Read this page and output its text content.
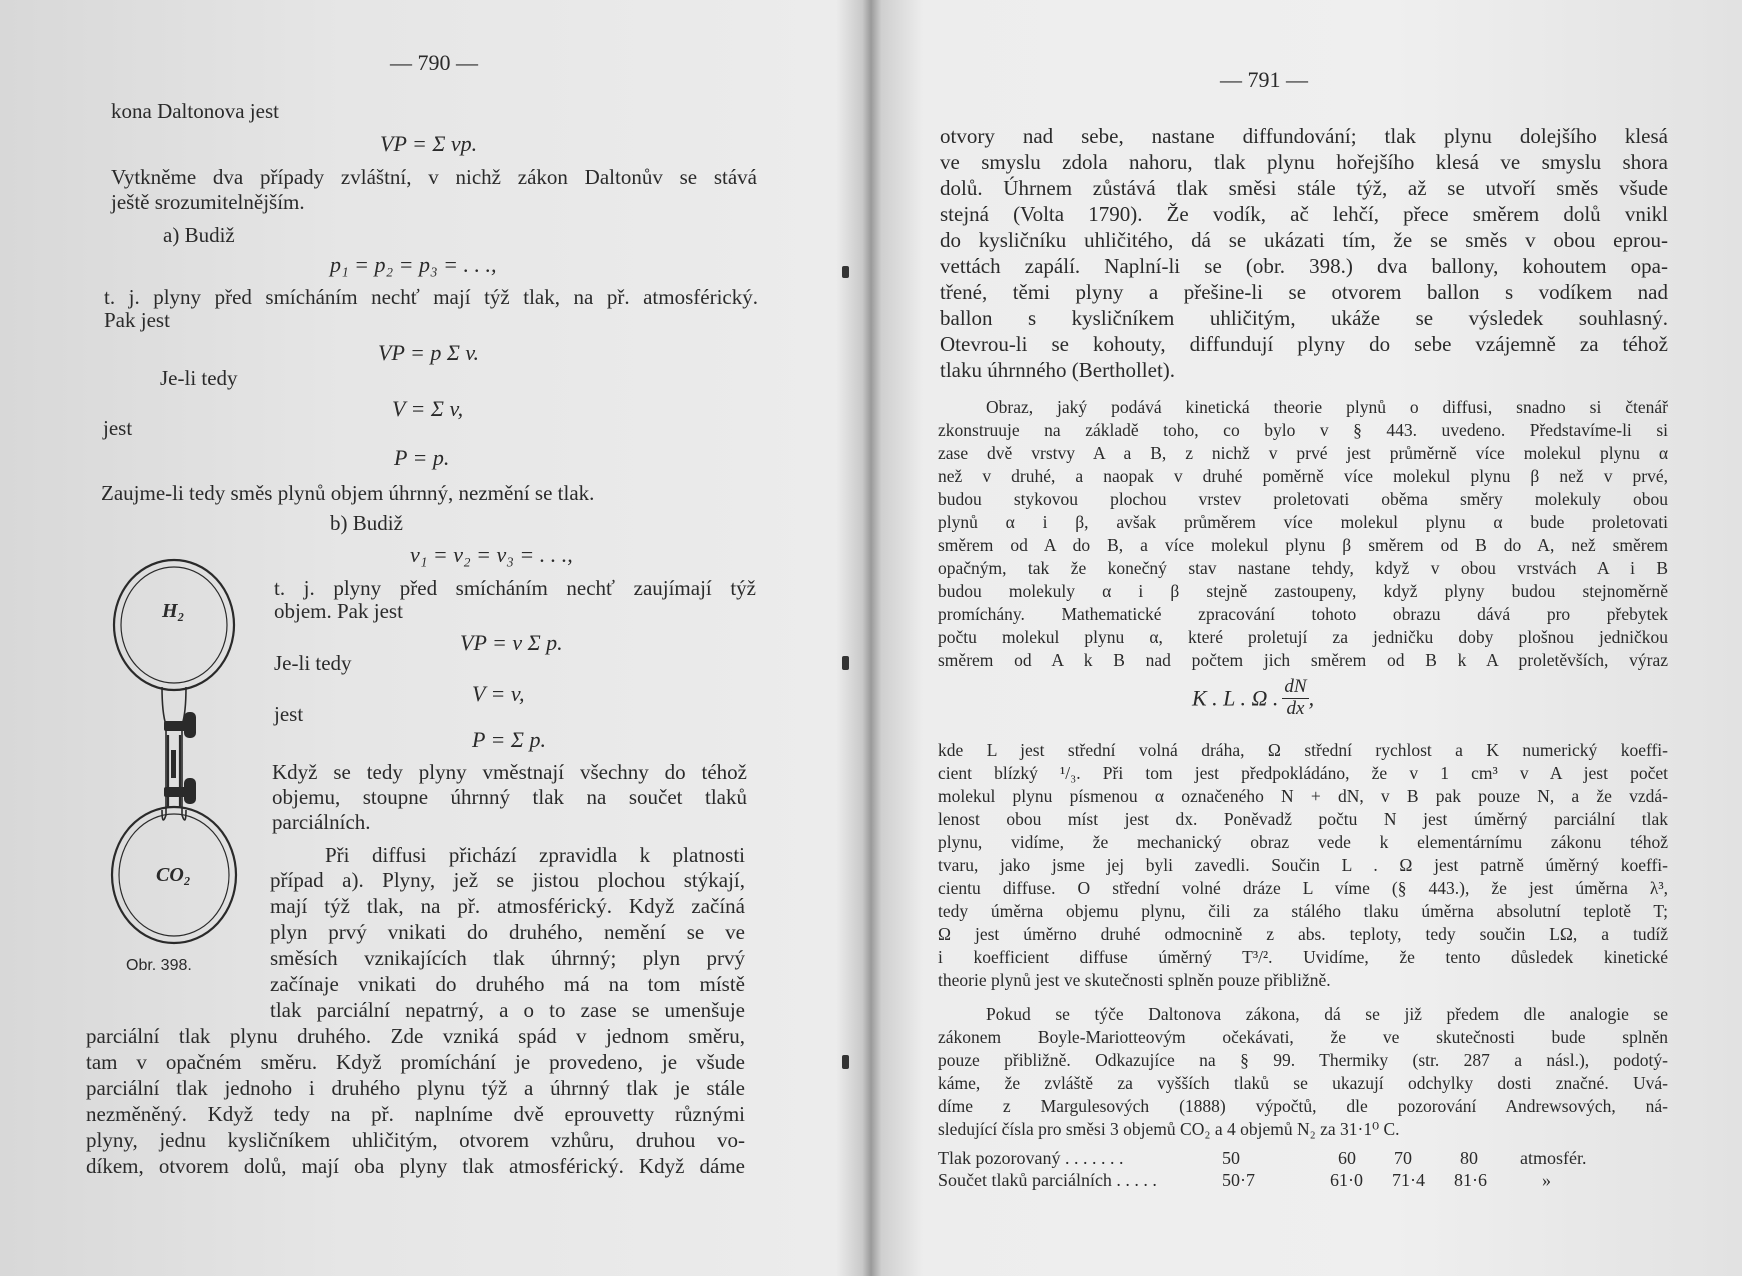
— 790 —
kona Daltonova jest
VP = Σ vp.
Vytkněme dva případy zvláštní, v nichž zákon Daltonův se stává
ještě srozumitelnějším.
a) Budiž
p₁ = p₂ = p₃ = . . .,
t. j. plyny před smícháním nechť mají týž tlak, na př. atmosférický.
Pak jest
VP = p Σ v.
Je-li tedy
V = Σ v,
jest
P = p.
Zaujme-li tedy směs plynů objem úhrnný, nezmění se tlak.
b) Budiž
v₁ = v₂ = v₃ = . . .,
t. j. plyny před smícháním nechť zaujímají týž
objem. Pak jest
VP = v Σ p.
Je-li tedy
V = v,
jest
P = Σ p.
Když se tedy plyny vměstnají všechny do téhož
objemu, stoupne úhrnný tlak na součet tlaků
parciálních.
Při diffusi přichází zpravidla k platnosti
případ a). Plyny, jež se jistou plochou stýkají,
mají týž tlak, na př. atmosférický. Když začíná
plyn prvý vnikati do druhého, nemění se ve
směsích vznikajících tlak úhrnný; plyn prvý
začínaje vnikati do druhého má na tom místě
tlak parciální nepatrný, a o to zase se umenšuje
parciální tlak plynu druhého. Zde vzniká spád v jednom směru,
tam v opačném směru. Když promíchání je provedeno, je všude
parciální tlak jednoho i druhého plynu týž a úhrnný tlak je stále
nezměněný. Když tedy na př. naplníme dvě eprouvetty různými
plyny, jednu kysličníkem uhličitým, otvorem vzhůru, druhou vo-
díkem, otvorem dolů, mají oba plyny tlak atmosférický. Když dáme
H₂
CO₂
Obr. 398.
— 791 —
otvory nad sebe, nastane diffundování; tlak plynu dolejšího klesá
ve smyslu zdola nahoru, tlak plynu hořejšího klesá ve smyslu shora
dolů. Úhrnem zůstává tlak směsi stále týž, až se utvoří směs všude
stejná (Volta 1790). Že vodík, ač lehčí, přece směrem dolů vnikl
do kysličníku uhličitého, dá se ukázati tím, že se směs v obou eprou-
vettách zapálí. Naplní-li se (obr. 398.) dva ballony, kohoutem opa-
třené, těmi plyny a přešine-li se otvorem ballon s vodíkem nad
ballon s kysličníkem uhličitým, ukáže se výsledek souhlasný.
Otevrou-li se kohouty, diffundují plyny do sebe vzájemně za téhož
tlaku úhrnného (Berthollet).
Obraz, jaký podává kinetická theorie plynů o diffusi, snadno si čtenář
zkonstruuje na základě toho, co bylo v § 443. uvedeno. Představíme-li si
zase dvě vrstvy A a B, z nichž v prvé jest průměrně více molekul plynu α
než v druhé, a naopak v druhé poměrně více molekul plynu β než v prvé,
budou stykovou plochou vrstev proletovati oběma směry molekuly obou
plynů α i β, avšak průměrem více molekul plynu α bude proletovati
směrem od A do B, a více molekul plynu β směrem od B do A, než směrem
opačným, tak že konečný stav nastane tehdy, když v obou vrstvách A i B
budou molekuly α i β stejně zastoupeny, když plyny budou stejnoměrně
promíchány. Mathematické zpracování tohoto obrazu dává pro přebytek
počtu molekul plynu α, které proletují za jedničku doby plošnou jedničkou
směrem od A k B nad počtem jich směrem od B k A proletěvších, výraz
K . L . Ω . $\frac{dN}{dx}$ ,
kde L jest střední volná dráha, Ω střední rychlost a K numerický koeffi-
cient blízký ¹/₃. Při tom jest předpokládáno, že v 1 cm³ v A jest počet
molekul plynu písmenou α označeného N + dN, v B pak pouze N, a že vzdá-
lenost obou míst jest dx. Poněvadž počtu N jest úměrný parciální tlak
plynu, vidíme, že mechanický obraz vede k elementárnímu zákonu téhož
tvaru, jako jsme jej byli zavedli. Součin L . Ω jest patrně úměrný koeffi-
cientu diffuse. O střední volné dráze L víme (§ 443.), že jest úměrna λ³,
tedy úměrna objemu plynu, čili za stálého tlaku úměrna absolutní teplotě T;
Ω jest úměrno druhé odmocnině z abs. teploty, tedy součin LΩ, a tudíž
i koefficient diffuse úměrný T³/². Uvidíme, že tento důsledek kinetické
theorie plynů jest ve skutečnosti splněn pouze přibližně.
Pokud se týče Daltonova zákona, dá se již předem dle analogie se
zákonem Boyle-Mariotteovým očekávati, že ve skutečnosti bude splněn
pouze přibližně. Odkazujíce na § 99. Thermiky (str. 287 a násl.), podotý-
káme, že zvláště za vyšších tlaků se ukazují odchylky dosti značné. Uvá-
díme z Margulesových (1888) výpočtů, dle pozorování Andrewsových, ná-
sledující čísla pro směsi 3 objemů CO₂ a 4 objemů N₂ za 31·1⁰ C.
Tlak pozorovaný . . . . . . .	50	60 70	80 atmosfér.
Součet tlaků parciálních . . . . .	50·7	61·0 71·4 81·6	»
